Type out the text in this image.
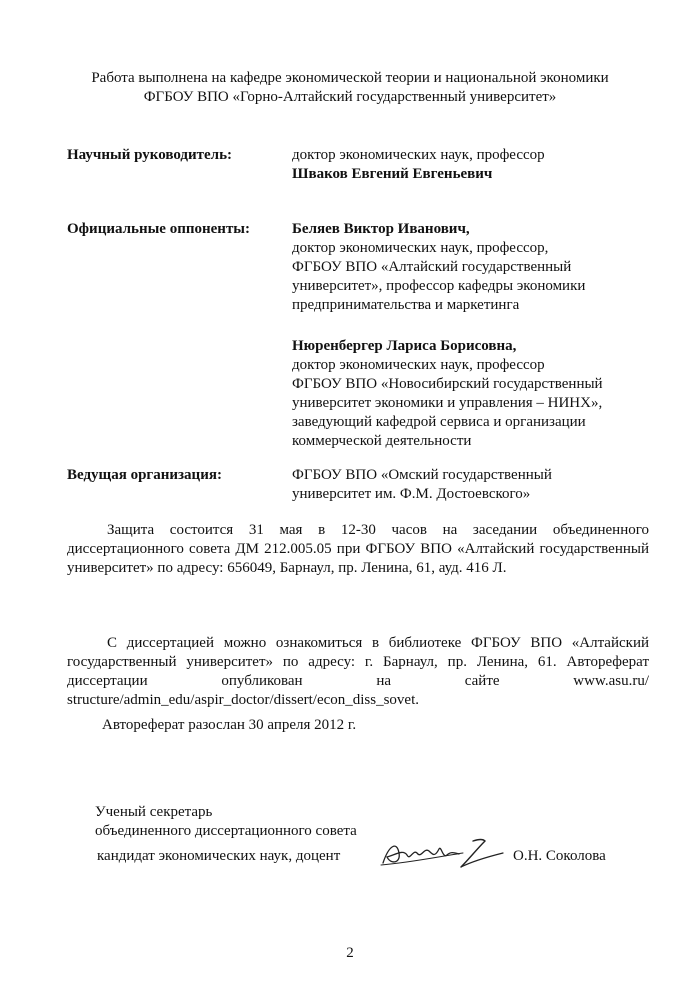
Работа выполнена на кафедре экономической теории и национальной экономики
ФГБОУ ВПО «Горно-Алтайский государственный университет»
Научный руководитель:	доктор экономических наук, профессор
Шваков Евгений Евгеньевич
Официальные оппоненты:	Беляев Виктор Иванович,
доктор экономических наук, профессор,
ФГБОУ ВПО «Алтайский государственный
университет», профессор кафедры экономики
предпринимательства и маркетинга
Нюренбергер Лариса Борисовна,
доктор экономических наук, профессор
ФГБОУ ВПО «Новосибирский государственный
университет экономики и управления – НИНХ»,
заведующий кафедрой сервиса и организации
коммерческой деятельности
Ведущая организация:	ФГБОУ ВПО «Омский государственный
университет им. Ф.М. Достоевского»

Защита состоится 31 мая в 12-30 часов на заседании объединенного диссертационного совета ДМ 212.005.05 при ФГБОУ ВПО «Алтайский государственный университет» по адресу: 656049, Барнаул, пр. Ленина, 61, ауд. 416 Л.

С диссертацией можно ознакомиться в библиотеке ФГБОУ ВПО «Алтайский государственный университет» по адресу: г. Барнаул, пр. Ленина, 61. Автореферат диссертации опубликован на сайте www.asu.ru/

structure/admin_edu/aspir_doctor/dissert/econ_diss_sovet.

Автореферат разослан 30 апреля 2012 г.

Ученый секретарь
объединенного диссертационного совета
кандидат экономических наук, доцент	О.Н. Соколова
2
